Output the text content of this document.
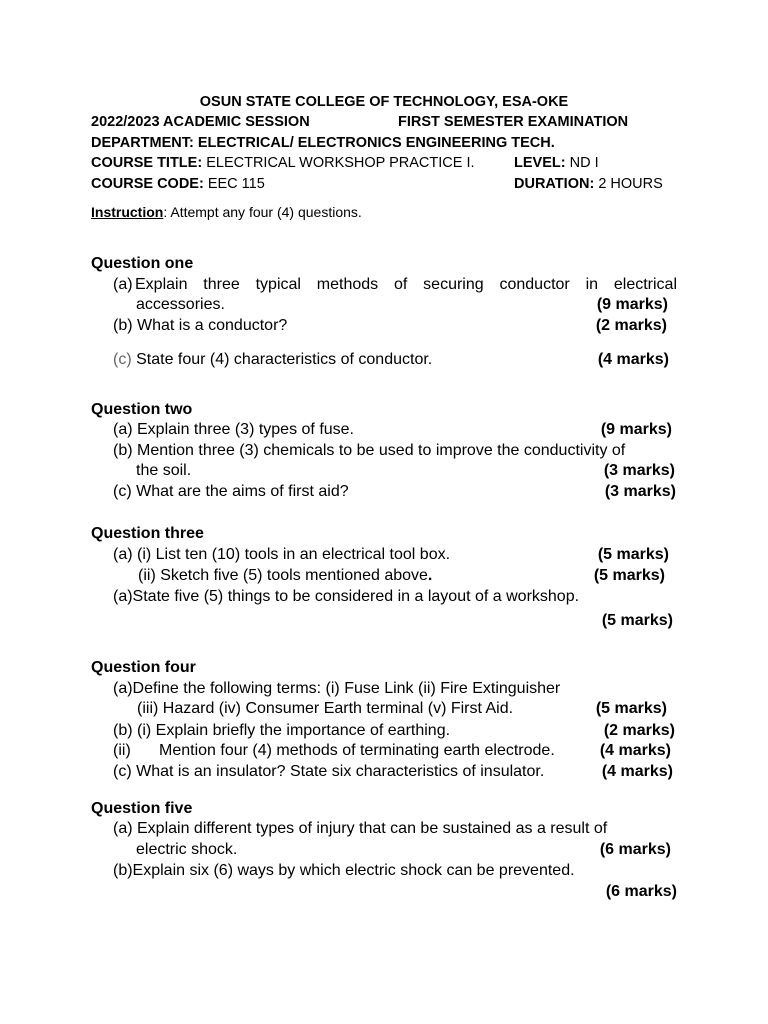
OSUN STATE COLLEGE OF TECHNOLOGY, ESA-OKE
2022/2023 ACADEMIC SESSION	FIRST SEMESTER EXAMINATION
DEPARTMENT: ELECTRICAL/ ELECTRONICS ENGINEERING TECH.
COURSE TITLE: ELECTRICAL WORKSHOP PRACTICE I.	LEVEL: ND I
COURSE CODE: EEC 115	DURATION: 2 HOURS
Instruction: Attempt any four (4) questions.
Question one
(a) Explain three typical methods of securing conductor in electrical
accessories.	(9 marks)
(b) What is a conductor?	(2 marks)
(c) State four (4) characteristics of conductor.	(4 marks)
Question two
(a) Explain three (3) types of fuse.	(9 marks)
(b) Mention three (3) chemicals to be used to improve the conductivity of
the soil.	(3 marks)
(c) What are the aims of first aid?	(3 marks)
Question three
(a) (i) List ten (10) tools in an electrical tool box.	(5 marks)
(ii) Sketch five (5) tools mentioned above.	(5 marks)
(a)State five (5) things to be considered in a layout of a workshop.
(5 marks)
Question four
(a)Define the following terms: (i) Fuse Link (ii) Fire Extinguisher
(iii) Hazard (iv) Consumer Earth terminal (v) First Aid.	(5 marks)
(b) (i) Explain briefly the importance of earthing.	(2 marks)
(ii) Mention four (4) methods of terminating earth electrode.	(4 marks)
(c) What is an insulator? State six characteristics of insulator.	(4 marks)
Question five
(a) Explain different types of injury that can be sustained as a result of
electric shock.	(6 marks)
(b)Explain six (6) ways by which electric shock can be prevented.
(6 marks)
